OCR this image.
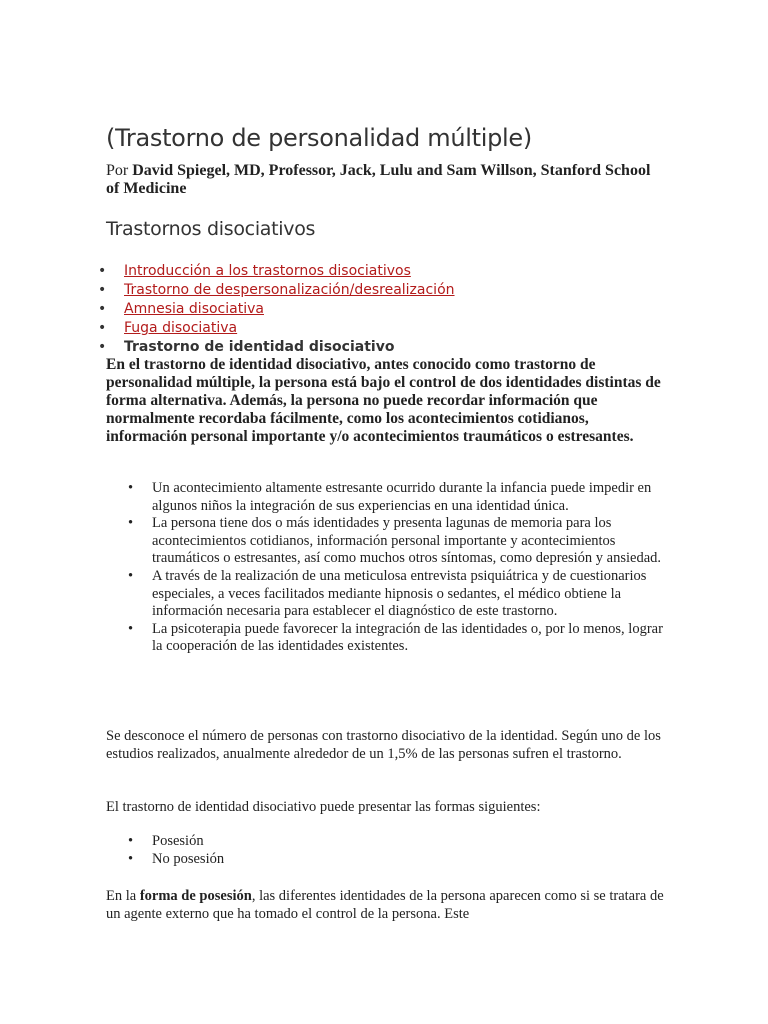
(Trastorno de personalidad múltiple)

Por David Spiegel, MD, Professor, Jack, Lulu and Sam Willson, Stanford School of Medicine

Trastornos disociativos
• Introducción a los trastornos disociativos
• Trastorno de despersonalización/desrealización
• Amnesia disociativa
• Fuga disociativa
• Trastorno de identidad disociativo

En el trastorno de identidad disociativo, antes conocido como trastorno de personalidad múltiple, la persona está bajo el control de dos identidades distintas de forma alternativa. Además, la persona no puede recordar información que normalmente recordaba fácilmente, como los acontecimientos cotidianos, información personal importante y/o acontecimientos traumáticos o estresantes.

• Un acontecimiento altamente estresante ocurrido durante la infancia puede impedir en algunos niños la integración de sus experiencias en una identidad única.
• La persona tiene dos o más identidades y presenta lagunas de memoria para los acontecimientos cotidianos, información personal importante y acontecimientos traumáticos o estresantes, así como muchos otros síntomas, como depresión y ansiedad.
• A través de la realización de una meticulosa entrevista psiquiátrica y de cuestionarios especiales, a veces facilitados mediante hipnosis o sedantes, el médico obtiene la información necesaria para establecer el diagnóstico de este trastorno.
• La psicoterapia puede favorecer la integración de las identidades o, por lo menos, lograr la cooperación de las identidades existentes.

Se desconoce el número de personas con trastorno disociativo de la identidad. Según uno de los estudios realizados, anualmente alrededor de un 1,5% de las personas sufren el trastorno.

El trastorno de identidad disociativo puede presentar las formas siguientes:

• Posesión
• No posesión

En la forma de posesión, las diferentes identidades de la persona aparecen como si se tratara de un agente externo que ha tomado el control de la persona. Este
